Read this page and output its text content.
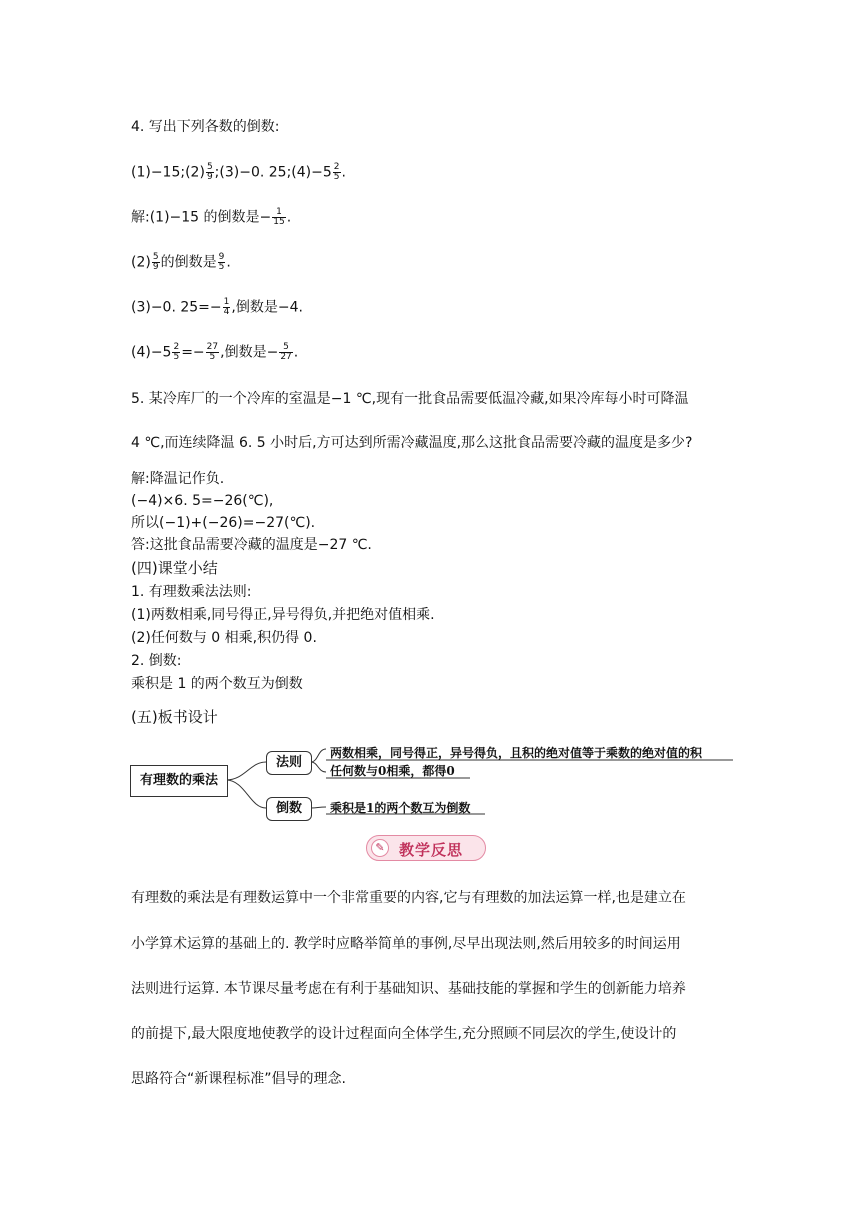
4. 写出下列各数的倒数:
(1)−15;(2) $\frac{5}{9}$ ;(3)−0. 25;(4)−5 $\frac{2}{5}$ .
解:(1)−15 的倒数是− $\frac{1}{15}$ .
$(2) \frac{5}{9}$ 的倒数是 $\frac{9}{5}$ .
(3)−0. $25=- \frac{1}{4}$ ,倒数是−4.
$(4)-5 \frac{2}{5} =- \frac{27}{5}$ ,倒数是− $\frac{5}{27}$ .
5. 某冷库厂的一个冷库的室温是−1 ℃,现有一批食品需要低温冷藏,如果冷库每小时可降温
4 ℃,而连续降温 6. 5 小时后,方可达到所需冷藏温度,那么这批食品需要冷藏的温度是多少?
解:降温记作负.
(−4)×6. 5=−26(℃),
所以(−1)+(−26)=−27(℃).
答:这批食品需要冷藏的温度是−27 ℃.
(四)课堂小结
1. 有理数乘法法则:
(1)两数相乘,同号得正,异号得负,并把绝对值相乘.
(2)任何数与 0 相乘,积仍得 0.
2. 倒数:
乘积是 1 的两个数互为倒数
(五)板书设计
有理数的乘法
法则
倒数
两数相乘，同号得正，异号得负，且积的绝对值等于乘数的绝对值的积
任何数与0相乘，都得0
乘积是1的两个数互为倒数
✎ 教学反思
有理数的乘法是有理数运算中一个非常重要的内容,它与有理数的加法运算一样,也是建立在
小学算术运算的基础上的. 教学时应略举简单的事例,尽早出现法则,然后用较多的时间运用
法则进行运算. 本节课尽量考虑在有利于基础知识、基础技能的掌握和学生的创新能力培养
的前提下,最大限度地使教学的设计过程面向全体学生,充分照顾不同层次的学生,使设计的
思路符合“新课程标准”倡导的理念.
